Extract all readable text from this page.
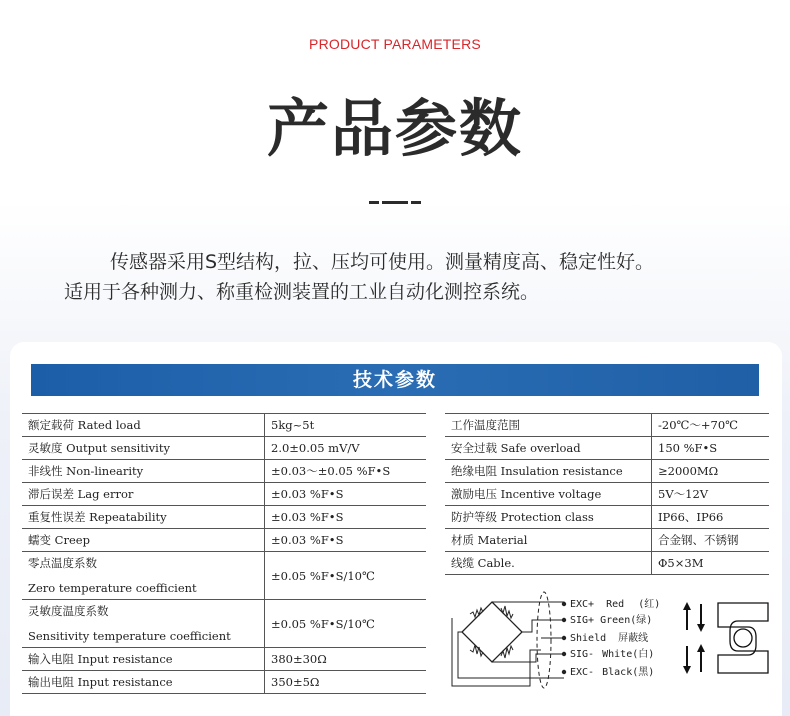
PRODUCT PARAMETERS
产品参数
传感器采用S型结构，拉、压均可使用。测量精度高、稳定性好。
适用于各种测力、称重检测装置的工业自动化测控系统。
技术参数
额定载荷 Rated load	5kg~5t
灵敏度 Output sensitivity	2.0±0.05 mV/V
非线性 Non-linearity	±0.03～±0.05 %F•S
滞后误差 Lag error	±0.03 %F•S
重复性误差 Repeatability	±0.03 %F•S
蠕变 Creep	±0.03 %F•S
零点温度系数
Zero temperature coefficient	±0.05 %F•S/10℃
灵敏度温度系数
Sensitivity temperature coefficient	±0.05 %F•S/10℃
输入电阻 Input resistance	380±30Ω
输出电阻 Input resistance	350±5Ω
工作温度范围	-20℃～+70℃
安全过载 Safe overload	150 %F•S
绝缘电阻 Insulation resistance	≥2000MΩ
激励电压 Incentive voltage	5V～12V
防护等级 Protection class	IP66、IP66
材质 Material	合金钢、不锈钢
线缆 Cable.	Φ5×3M
EXC+ Red (红)
SIG+ Green(绿)
Shield 屏蔽线
SIG- White(白)
EXC- Black(黑)
